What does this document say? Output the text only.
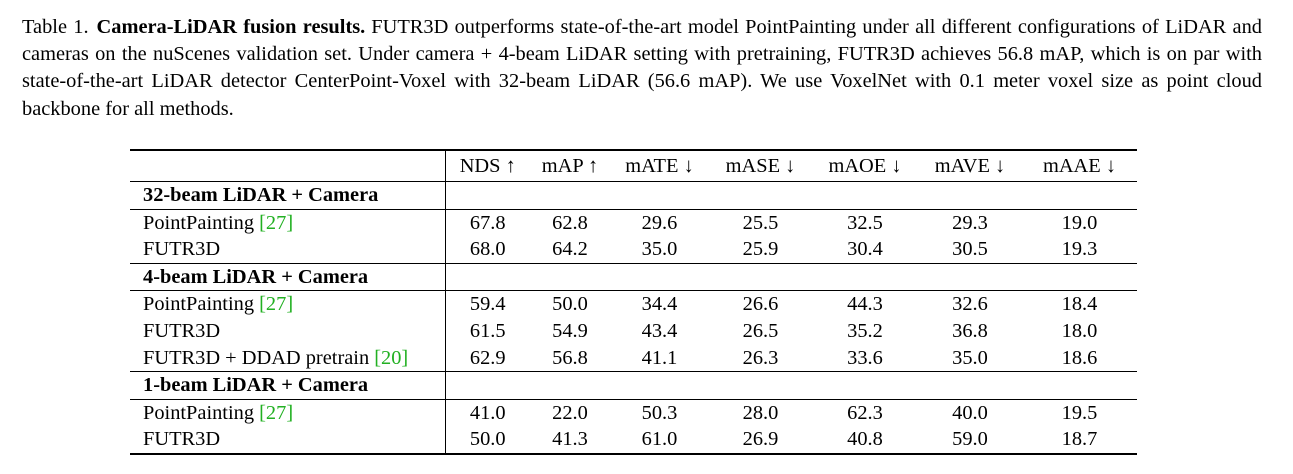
Table 1. Camera-LiDAR fusion results. FUTR3D outperforms state-of-the-art model PointPainting under all different configurations of LiDAR and cameras on the nuScenes validation set. Under camera + 4-beam LiDAR setting with pretraining, FUTR3D achieves 56.8 mAP, which is on par with state-of-the-art LiDAR detector CenterPoint-Voxel with 32-beam LiDAR (56.6 mAP). We use VoxelNet with 0.1 meter voxel size as point cloud backbone for all methods.
	NDS ↑	mAP ↑	mATE ↓	mASE ↓	mAOE ↓	mAVE ↓	mAAE ↓
32-beam LiDAR + Camera							
PointPainting [27]	67.8	62.8	29.6	25.5	32.5	29.3	19.0
FUTR3D	68.0	64.2	35.0	25.9	30.4	30.5	19.3
4-beam LiDAR + Camera							
PointPainting [27]	59.4	50.0	34.4	26.6	44.3	32.6	18.4
FUTR3D	61.5	54.9	43.4	26.5	35.2	36.8	18.0
FUTR3D + DDAD pretrain [20]	62.9	56.8	41.1	26.3	33.6	35.0	18.6
1-beam LiDAR + Camera							
PointPainting [27]	41.0	22.0	50.3	28.0	62.3	40.0	19.5
FUTR3D	50.0	41.3	61.0	26.9	40.8	59.0	18.7
